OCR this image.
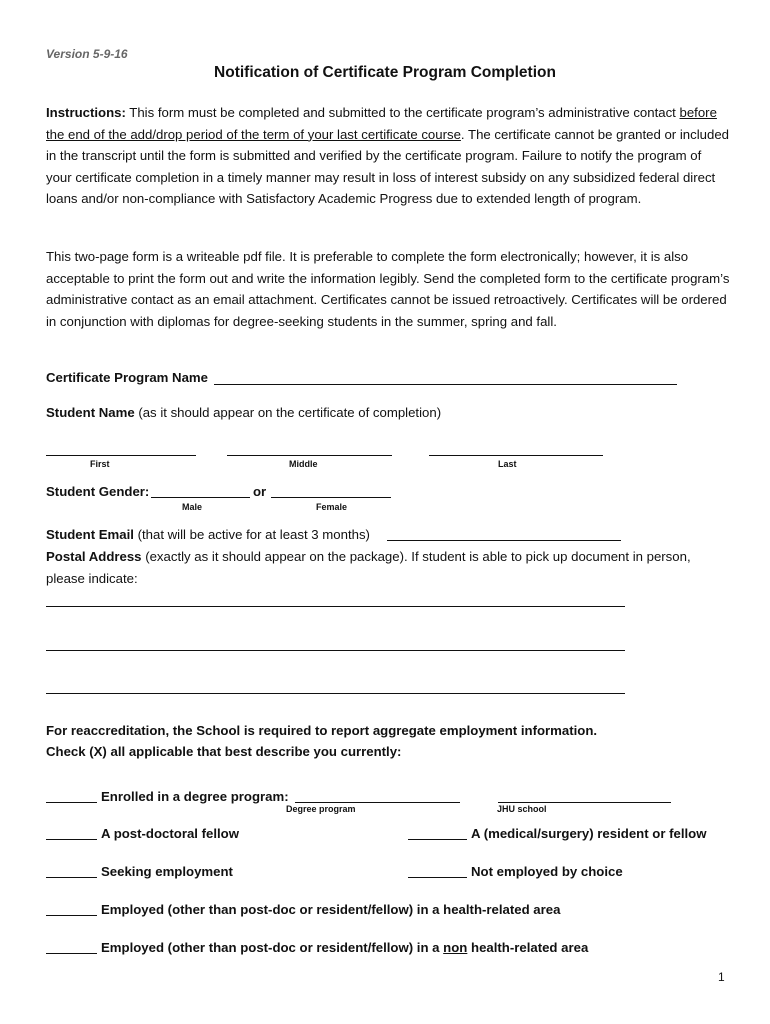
Version 5-9-16
Notification of Certificate Program Completion
Instructions: This form must be completed and submitted to the certificate program’s administrative contact before the end of the add/drop period of the term of your last certificate course. The certificate cannot be granted or included in the transcript until the form is submitted and verified by the certificate program. Failure to notify the program of your certificate completion in a timely manner may result in loss of interest subsidy on any subsidized federal direct loans and/or non-compliance with Satisfactory Academic Progress due to extended length of program.
This two-page form is a writeable pdf file. It is preferable to complete the form electronically; however, it is also acceptable to print the form out and write the information legibly. Send the completed form to the certificate program’s administrative contact as an email attachment. Certificates cannot be issued retroactively. Certificates will be ordered in conjunction with diplomas for degree-seeking students in the summer, spring and fall.
Certificate Program Name
Student Name (as it should appear on the certificate of completion)
First	Middle	Last
Student Gender:	or
Male	Female
Student Email (that will be active for at least 3 months)
Postal Address (exactly as it should appear on the package). If student is able to pick up document in person,
please indicate:
For reaccreditation, the School is required to report aggregate employment information.
Check (X) all applicable that best describe you currently:
Enrolled in a degree program:
Degree program	JHU school
A post-doctoral fellow	A (medical/surgery) resident or fellow
Seeking employment	Not employed by choice
Employed (other than post-doc or resident/fellow) in a health-related area
Employed (other than post-doc or resident/fellow) in a non health-related area
1
